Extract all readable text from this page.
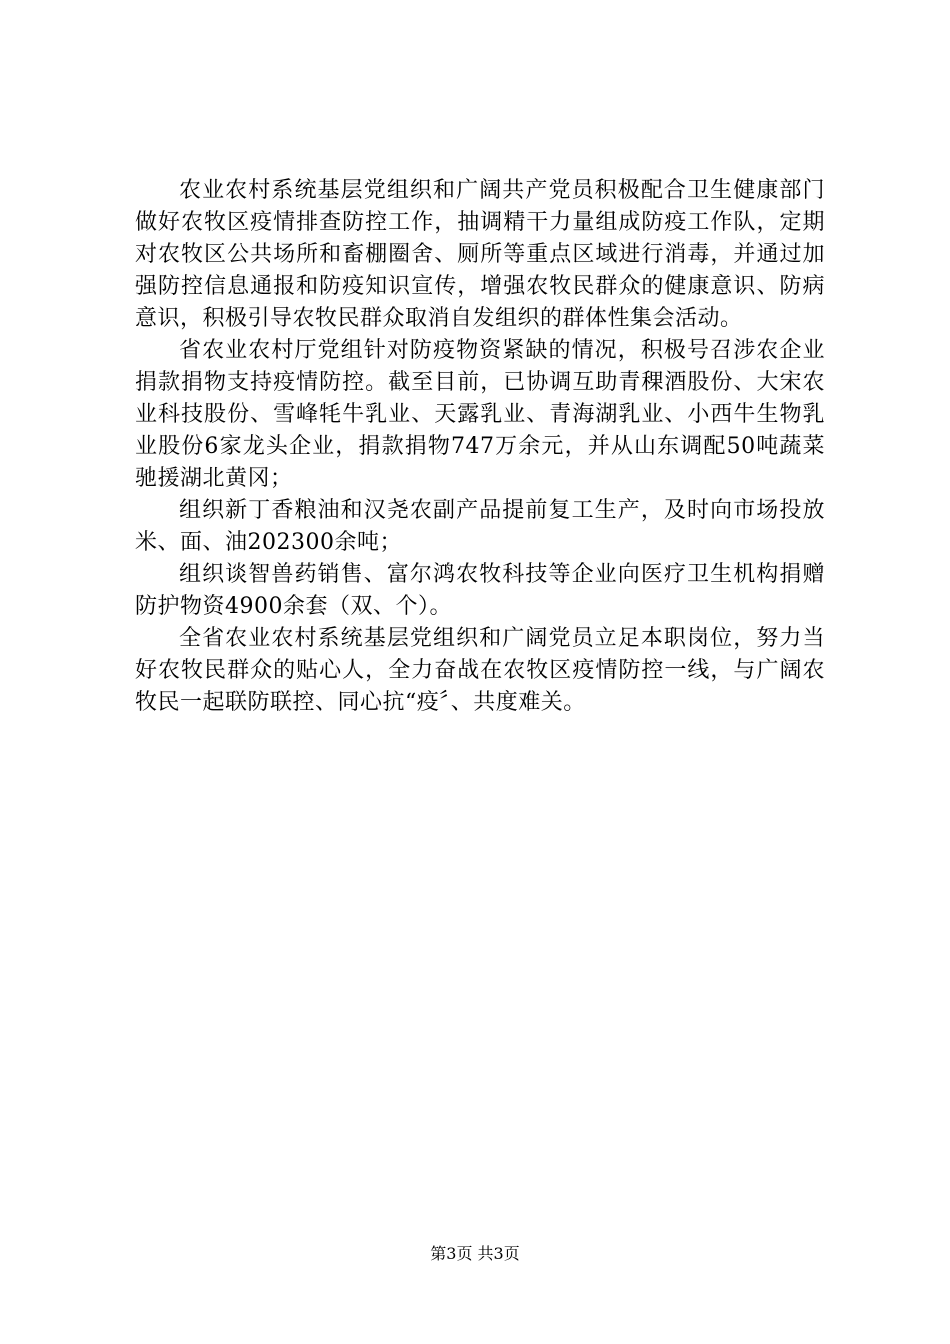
农业农村系统基层党组织和广阔共产党员积极配合卫生健康部门做好农牧区疫情排查防控工作，抽调精干力量组成防疫工作队，定期对农牧区公共场所和畜棚圈舍、厕所等重点区域进行消毒，并通过加强防控信息通报和防疫知识宣传，增强农牧民群众的健康意识、防病意识，积极引导农牧民群众取消自发组织的群体性集会活动。

省农业农村厅党组针对防疫物资紧缺的情况，积极号召涉农企业捐款捐物支持疫情防控。截至目前，已协调互助青稞酒股份、大宋农业科技股份、雪峰牦牛乳业、天露乳业、青海湖乳业、小西牛生物乳业股份6家龙头企业，捐款捐物747万余元，并从山东调配50吨蔬菜驰援湖北黄冈；

组织新丁香粮油和汉尧农副产品提前复工生产，及时向市场投放米、面、油202300余吨；

组织谈智兽药销售、富尔鸿农牧科技等企业向医疗卫生机构捐赠防护物资4900余套（双、个）。

全省农业农村系统基层党组织和广阔党员立足本职岗位，努力当好农牧民群众的贴心人，全力奋战在农牧区疫情防控一线，与广阔农牧民一起联防联控、同心抗“疫〞、共度难关。

第3页 共3页
